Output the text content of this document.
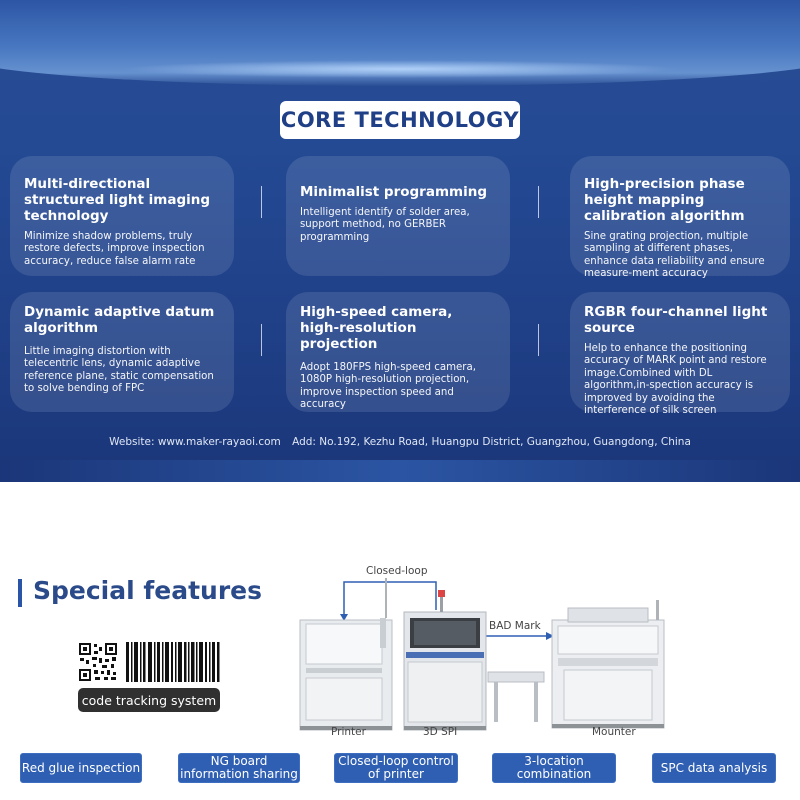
CORE TECHNOLOGY
Multi-directional structured light imaging technology

Minimize shadow problems, truly restore defects, improve inspection accuracy, reduce false alarm rate

Minimalist programming

Intelligent identify of solder area, support method, no GERBER programming

High-precision phase height mapping calibration algorithm

Sine grating projection, multiple sampling at different phases, enhance data reliability and ensure measure-ment accuracy

Dynamic adaptive datum algorithm

Little imaging distortion with telecentric lens, dynamic adaptive reference plane, static compensation to solve bending of FPC

High-speed camera, high-resolution projection

Adopt 180FPS high-speed camera, 1080P high-resolution projection, improve inspection speed and accuracy

RGBR four-channel light source

Help to enhance the positioning accuracy of MARK point and restore image.Combined with DL algorithm,in-spection accuracy is improved by avoiding the interference of silk screen

Website: www.maker-rayaoi.com Add: No.192, Kezhu Road, Huangpu District, Guangzhou, Guangdong, China
Special features
code tracking system
Closed-loop
BAD Mark
Printer	3D SPI	Mounter
Red glue inspection	NG board information sharing
Closed-loop control of printer
3-location combination	SPC data analysis
